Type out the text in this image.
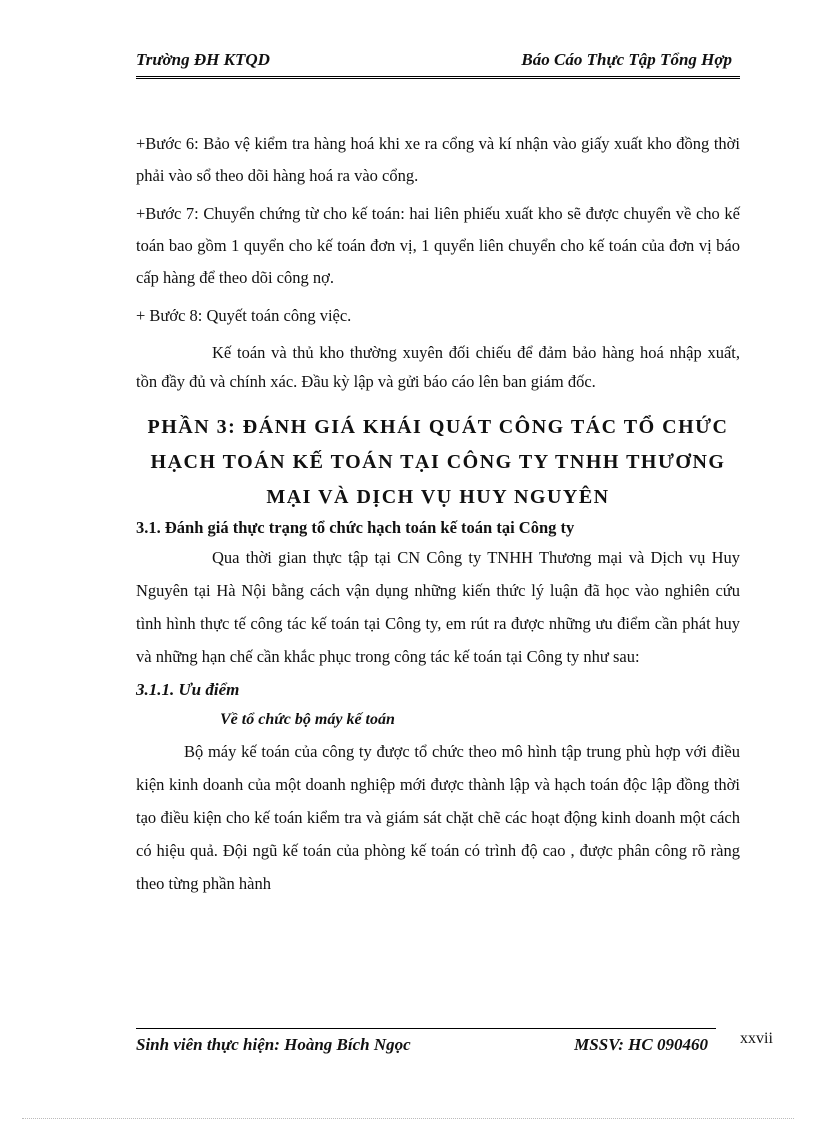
Trường ĐH KTQD	Báo Cáo Thực Tập Tổng Hợp

+Bước 6: Bảo vệ kiểm tra hàng hoá khi xe ra cổng và kí nhận vào giấy xuất kho đồng thời phải vào sổ theo dõi hàng hoá ra vào cổng.

+Bước 7: Chuyển chứng từ cho kế toán: hai liên phiếu xuất kho sẽ được chuyển về cho kế toán bao gồm 1 quyển cho kế toán đơn vị, 1 quyển liên chuyển cho kế toán của đơn vị báo cấp hàng để theo dõi công nợ.

+ Bước 8: Quyết toán công việc.

Kế toán và thủ kho thường xuyên đối chiếu để đảm bảo hàng hoá nhập xuất, tồn đầy đủ và chính xác. Đầu kỳ lập và gửi báo cáo lên ban giám đốc.

PHẦN 3: ĐÁNH GIÁ KHÁI QUÁT CÔNG TÁC TỔ CHỨC HẠCH TOÁN KẾ TOÁN TẠI CÔNG TY TNHH THƯƠNG MẠI VÀ DỊCH VỤ HUY NGUYÊN
3.1. Đánh giá thực trạng tổ chức hạch toán kế toán tại Công ty

Qua thời gian thực tập tại CN Công ty TNHH Thương mại và Dịch vụ Huy Nguyên tại Hà Nội bằng cách vận dụng những kiến thức lý luận đã học vào nghiên cứu tình hình thực tế công tác kế toán tại Công ty, em rút ra được những ưu điểm cần phát huy và những hạn chế cần khắc phục trong công tác kế toán tại Công ty như sau:

3.1.1. Ưu điểm
Về tổ chức bộ máy kế toán

Bộ máy kế toán của công ty được tổ chức theo mô hình tập trung phù hợp với điều kiện kinh doanh của một doanh nghiệp mới được thành lập và hạch toán độc lập đồng thời tạo điều kiện cho kế toán kiểm tra và giám sát chặt chẽ các hoạt động kinh doanh một cách có hiệu quả. Đội ngũ kế toán của phòng kế toán có trình độ cao , được phân công rõ ràng theo từng phần hành

Sinh viên thực hiện: Hoàng Bích Ngọc	MSSV: HC 090460 xxvii
